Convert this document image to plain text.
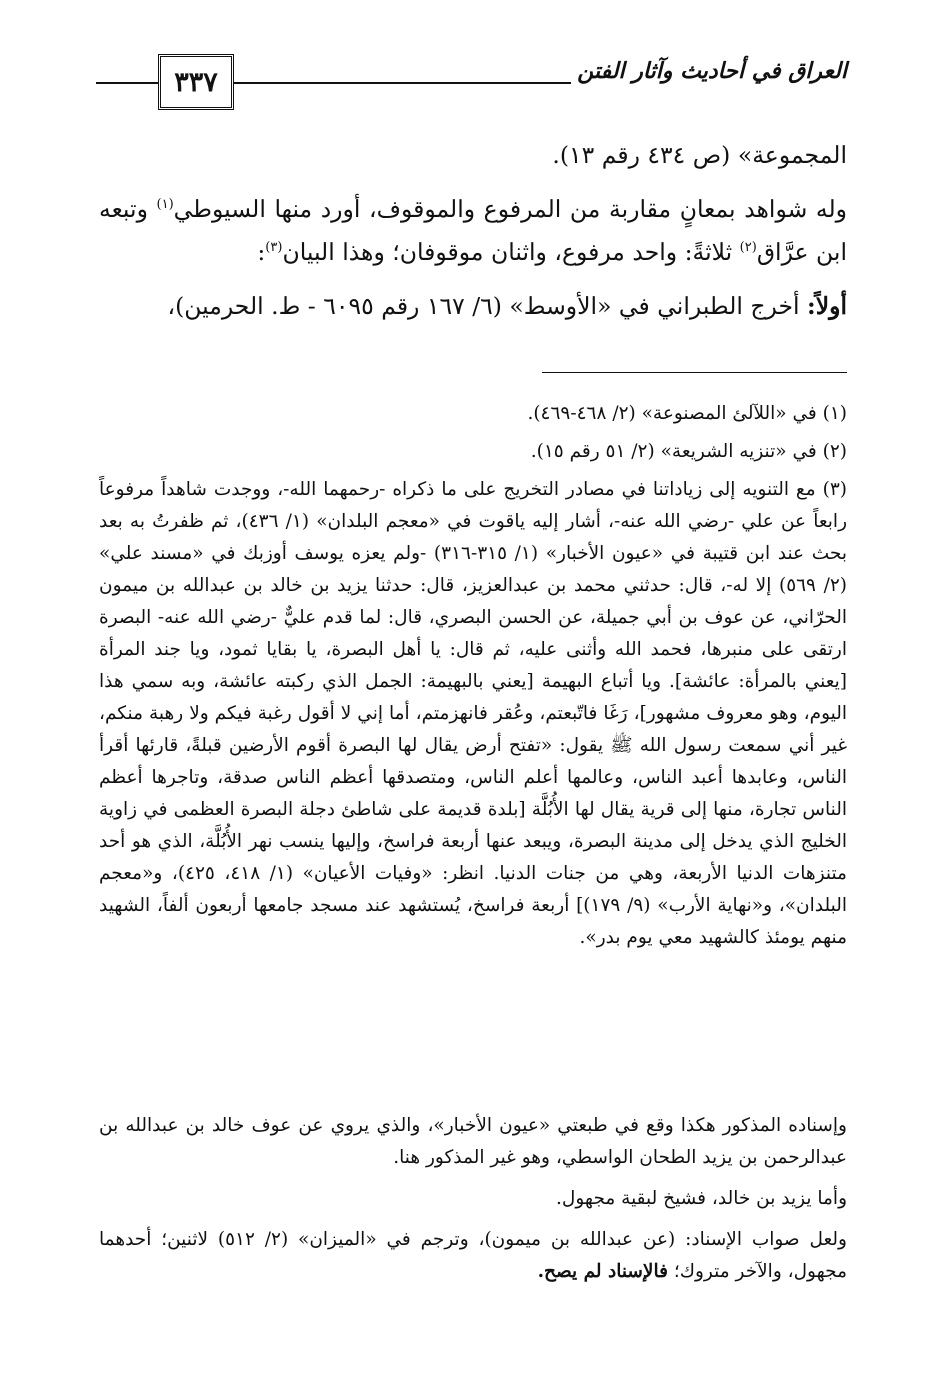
٣٣٧	العراق في أحاديث وآثار الفتن

المجموعة» (ص ٤٣٤ رقم ١٣).

وله شواهد بمعانٍ مقاربة من المرفوع والموقوف، أورد منها السيوطي$^{(١)}$ وتبعه ابن عرَّاق$^{(٢)}$ ثلاثةً: واحد مرفوع، واثنان موقوفان؛ وهذا البيان$^{(٣)}$:

أولاً: أخرج الطبراني في «الأوسط» (٦/ ١٦٧ رقم ٦٠٩٥ - ط. الحرمين)،

(١) في «اللآلئ المصنوعة» (٢/ ٤٦٨-٤٦٩).

(٢) في «تنزيه الشريعة» (٢/ ٥١ رقم ١٥).

(٣) مع التنويه إلى زياداتنا في مصادر التخريج على ما ذكراه -رحمهما الله-، ووجدت شاهداً مرفوعاً رابعاً عن علي -رضي الله عنه-، أشار إليه ياقوت في «معجم البلدان» (١/ ٤٣٦)، ثم ظفرتُ به بعد بحث عند ابن قتيبة في «عيون الأخبار» (١/ ٣١٥-٣١٦) -ولم يعزه يوسف أوزبك في «مسند علي» (٢/ ٥٦٩) إلا له-، قال: حدثني محمد بن عبدالعزيز، قال: حدثنا يزيد بن خالد بن عبدالله بن ميمون الحرّاني، عن عوف بن أبي جميلة، عن الحسن البصري، قال: لما قدم عليٌّ -رضي الله عنه- البصرة ارتقى على منبرها، فحمد الله وأثنى عليه، ثم قال: يا أهل البصرة، يا بقايا ثمود، ويا جند المرأة [يعني بالمرأة: عائشة]. ويا أتباع البهيمة [يعني بالبهيمة: الجمل الذي ركبته عائشة، وبه سمي هذا اليوم، وهو معروف مشهور]، رَغَا فاتّبعتم، وعُقر فانهزمتم، أما إني لا أقول رغبة فيكم ولا رهبة منكم، غير أني سمعت رسول الله ﷺ يقول: «تفتح أرض يقال لها البصرة أقوم الأرضين قبلةً، قارئها أقرأ الناس، وعابدها أعبد الناس، وعالمها أعلم الناس، ومتصدقها أعظم الناس صدقة، وتاجرها أعظم الناس تجارة، منها إلى قرية يقال لها الأُبُلَّة [بلدة قديمة على شاطئ دجلة البصرة العظمى في زاوية الخليج الذي يدخل إلى مدينة البصرة، ويبعد عنها أربعة فراسخ، وإليها ينسب نهر الأُبُلَّة، الذي هو أحد متنزهات الدنيا الأربعة، وهي من جنات الدنيا. انظر: «وفيات الأعيان» (١/ ٤١٨، ٤٢٥)، و«معجم البلدان»، و«نهاية الأرب» (٩/ ١٧٩)] أربعة فراسخ، يُستشهد عند مسجد جامعها أربعون ألفاً، الشهيد منهم يومئذ كالشهيد معي يوم بدر».

وإسناده المذكور هكذا وقع في طبعتي «عيون الأخبار»، والذي يروي عن عوف خالد بن عبدالله بن عبدالرحمن بن يزيد الطحان الواسطي، وهو غير المذكور هنا.

وأما يزيد بن خالد، فشيخ لبقية مجهول.

ولعل صواب الإسناد: (عن عبدالله بن ميمون)، وترجم في «الميزان» (٢/ ٥١٢) لاثنين؛ أحدهما مجهول، والآخر متروك؛ فالإسناد لم يصح.
